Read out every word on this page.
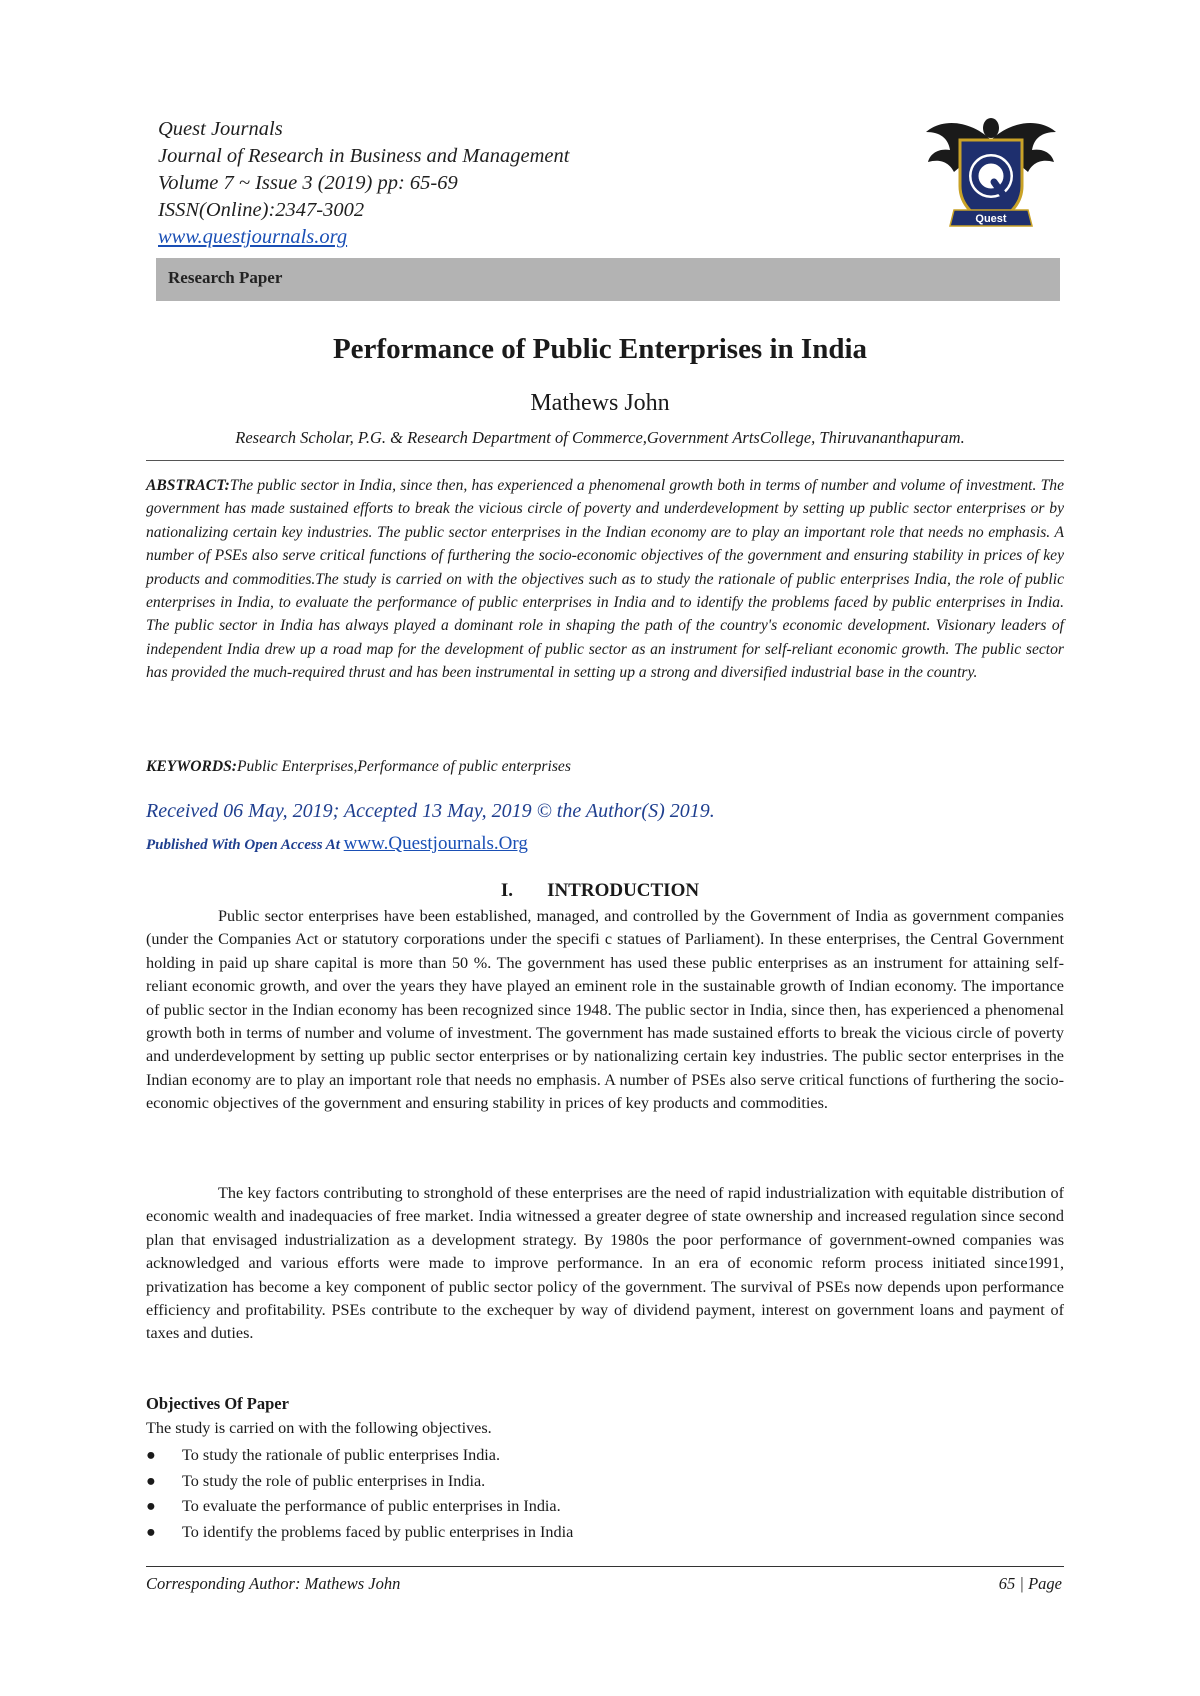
Quest Journals
Journal of Research in Business and Management
Volume 7 ~ Issue 3 (2019) pp: 65-69
ISSN(Online):2347-3002
www.questjournals.org
Quest
Research Paper
Performance of Public Enterprises in India
Mathews John
Research Scholar, P.G. & Research Department of Commerce,Government ArtsCollege, Thiruvananthapuram.
ABSTRACT:The public sector in India, since then, has experienced a phenomenal growth both in terms of number and volume of investment. The government has made sustained efforts to break the vicious circle of poverty and underdevelopment by setting up public sector enterprises or by nationalizing certain key industries. The public sector enterprises in the Indian economy are to play an important role that needs no emphasis. A number of PSEs also serve critical functions of furthering the socio-economic objectives of the government and ensuring stability in prices of key products and commodities.The study is carried on with the objectives such as to study the rationale of public enterprises India, the role of public enterprises in India, to evaluate the performance of public enterprises in India and to identify the problems faced by public enterprises in India. The public sector in India has always played a dominant role in shaping the path of the country's economic development. Visionary leaders of independent India drew up a road map for the development of public sector as an instrument for self-reliant economic growth. The public sector has provided the much-required thrust and has been instrumental in setting up a strong and diversified industrial base in the country.
KEYWORDS:Public Enterprises,Performance of public enterprises
Received 06 May, 2019; Accepted 13 May, 2019 © the Author(S) 2019.
Published With Open Access At www.Questjournals.Org
I. INTRODUCTION

Public sector enterprises have been established, managed, and controlled by the Government of India as government companies (under the Companies Act or statutory corporations under the specifi c statues of Parliament). In these enterprises, the Central Government holding in paid up share capital is more than 50 %. The government has used these public enterprises as an instrument for attaining self-reliant economic growth, and over the years they have played an eminent role in the sustainable growth of Indian economy. The importance of public sector in the Indian economy has been recognized since 1948. The public sector in India, since then, has experienced a phenomenal growth both in terms of number and volume of investment. The government has made sustained efforts to break the vicious circle of poverty and underdevelopment by setting up public sector enterprises or by nationalizing certain key industries. The public sector enterprises in the Indian economy are to play an important role that needs no emphasis. A number of PSEs also serve critical functions of furthering the socio-economic objectives of the government and ensuring stability in prices of key products and commodities.

The key factors contributing to stronghold of these enterprises are the need of rapid industrialization with equitable distribution of economic wealth and inadequacies of free market. India witnessed a greater degree of state ownership and increased regulation since second plan that envisaged industrialization as a development strategy. By 1980s the poor performance of government-owned companies was acknowledged and various efforts were made to improve performance. In an era of economic reform process initiated since1991, privatization has become a key component of public sector policy of the government. The survival of PSEs now depends upon performance efficiency and profitability. PSEs contribute to the exchequer by way of dividend payment, interest on government loans and payment of taxes and duties.

Objectives Of Paper
The study is carried on with the following objectives.
● To study the rationale of public enterprises India.
● To study the role of public enterprises in India.
● To evaluate the performance of public enterprises in India.
● To identify the problems faced by public enterprises in India
Corresponding Author: Mathews John	65 | Page
